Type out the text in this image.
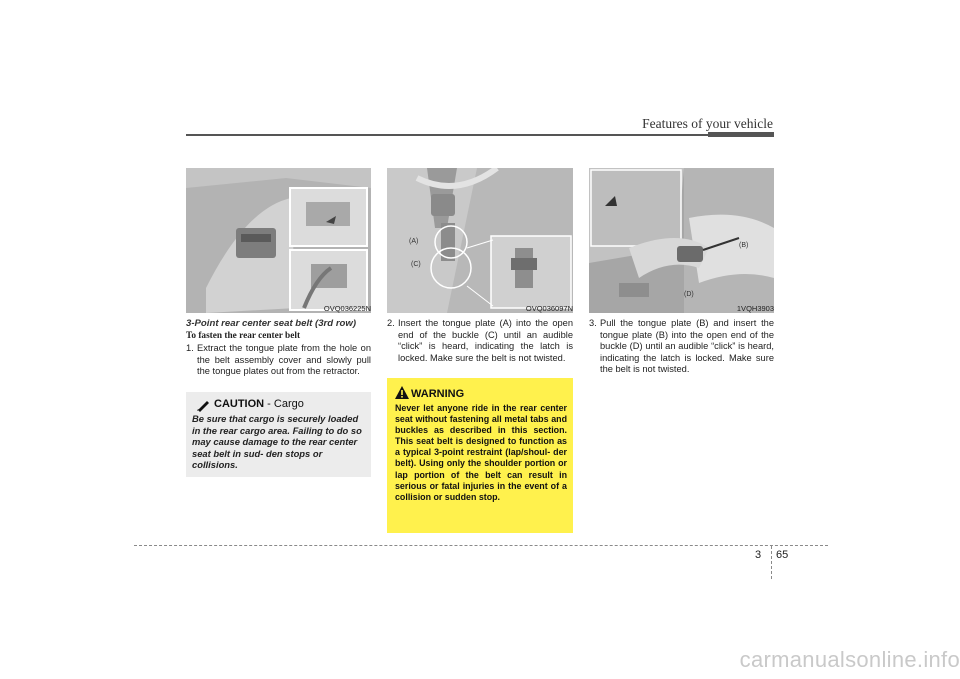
Features of your vehicle
OVQ036225N
(A)
(C)
OVQ036097N
(B)
(D)
1VQH3903
3-Point rear center seat belt (3rd row)
To fasten the rear center belt
1. Extract the tongue plate from the hole on the belt assembly cover and slowly pull the tongue plates out from the retractor.
CAUTION - Cargo
Be sure that cargo is securely loaded in the rear cargo area. Failing to do so may cause damage to the rear center seat belt in sud- den stops or collisions.
2. Insert the tongue plate (A) into the open end of the buckle (C) until an audible “click” is heard, indicating the latch is locked. Make sure the belt is not twisted.
WARNING
Never let anyone ride in the rear center seat without fastening all metal tabs and buckles as described in this section. This seat belt is designed to function as a typical 3-point restraint (lap/shoul- der belt). Using only the shoulder portion or lap portion of the belt can result in serious or fatal injuries in the event of a collision or sudden stop.
3. Pull the tongue plate (B) and insert the tongue plate (B) into the open end of the buckle (D) until an audible “click” is heard, indicating the latch is locked. Make sure the belt is not twisted.
3 65
carmanualsonline.info
